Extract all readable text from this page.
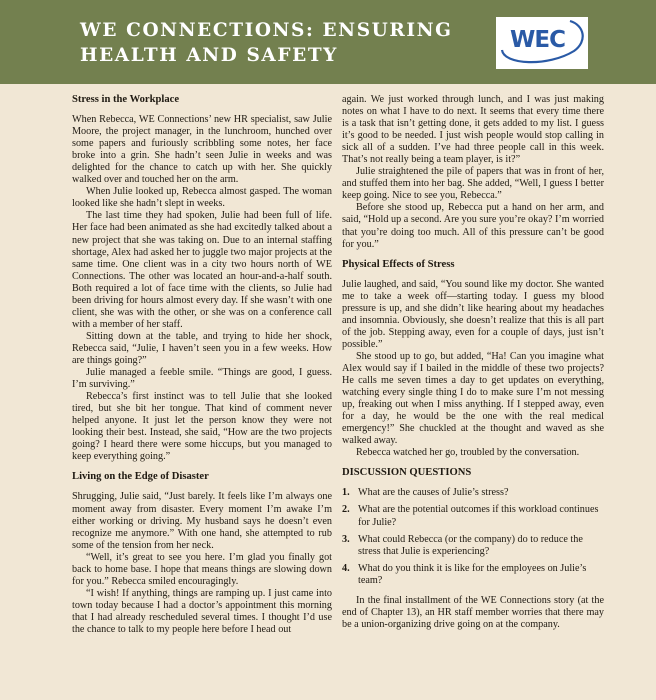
WE CONNECTIONS: ENSURING
HEALTH AND SAFETY
WEC
Stress in the Workplace

When Rebecca, WE Connections’ new HR specialist, saw Julie Moore, the project manager, in the lunchroom, hunched over some papers and furiously scribbling some notes, her face broke into a grin. She hadn’t seen Julie in weeks and was delighted for the chance to catch up with her. She quickly walked over and touched her on the arm.

When Julie looked up, Rebecca almost gasped. The woman looked like she hadn’t slept in weeks.

The last time they had spoken, Julie had been full of life. Her face had been animated as she had excitedly talked about a new project that she was taking on. Due to an internal staffing shortage, Alex had asked her to juggle two major projects at the same time. One client was in a city two hours north of WE Connections. The other was located an hour-and-a-half south. Both required a lot of face time with the clients, so Julie had been driving for hours almost every day. If she wasn’t with one client, she was with the other, or she was on a conference call with a member of her staff.

Sitting down at the table, and trying to hide her shock, Rebecca said, “Julie, I haven’t seen you in a few weeks. How are things going?”

Julie managed a feeble smile. “Things are good, I guess. I’m surviving.”

Rebecca’s first instinct was to tell Julie that she looked tired, but she bit her tongue. That kind of comment never helped anyone. It just let the person know they were not looking their best. Instead, she said, “How are the two projects going? I heard there were some hiccups, but you managed to keep everything going.”

Living on the Edge of Disaster

Shrugging, Julie said, “Just barely. It feels like I’m always one moment away from disaster. Every moment I’m awake I’m either working or driving. My husband says he doesn’t even recognize me anymore.” With one hand, she attempted to rub some of the tension from her neck.

“Well, it’s great to see you here. I’m glad you finally got back to home base. I hope that means things are slowing down for you.” Rebecca smiled encouragingly.

“I wish! If anything, things are ramping up. I just came into town today because I had a doctor’s appointment this morning that I had already rescheduled several times. I thought I’d use the chance to talk to my people here before I head out

again. We just worked through lunch, and I was just making notes on what I have to do next. It seems that every time there is a task that isn’t getting done, it gets added to my list. I guess it’s good to be needed. I just wish people would stop calling in sick all of a sudden. I’ve had three people call in this week. That’s not really being a team player, is it?”

Julie straightened the pile of papers that was in front of her, and stuffed them into her bag. She added, “Well, I guess I better keep going. Nice to see you, Rebecca.”

Before she stood up, Rebecca put a hand on her arm, and said, “Hold up a second. Are you sure you’re okay? I’m worried that you’re doing too much. All of this pressure can’t be good for you.”

Physical Effects of Stress

Julie laughed, and said, “You sound like my doctor. She wanted me to take a week off—starting today. I guess my blood pressure is up, and she didn’t like hearing about my headaches and insomnia. Obviously, she doesn’t realize that this is all part of the job. Stepping away, even for a couple of days, just isn’t possible.”

She stood up to go, but added, “Ha! Can you imagine what Alex would say if I bailed in the middle of these two projects? He calls me seven times a day to get updates on everything, watching every single thing I do to make sure I’m not messing up, freaking out when I miss anything. If I stepped away, even for a day, he would be the one with the real medical emergency!” She chuckled at the thought and waved as she walked away.

Rebecca watched her go, troubled by the conversation.

DISCUSSION QUESTIONS
1. What are the causes of Julie’s stress?
2. What are the potential outcomes if this workload continues for Julie?
3. What could Rebecca (or the company) do to reduce the stress that Julie is experiencing?
4. What do you think it is like for the employees on Julie’s team?

In the final installment of the WE Connections story (at the end of Chapter 13), an HR staff member worries that there may be a union-organizing drive going on at the company.
